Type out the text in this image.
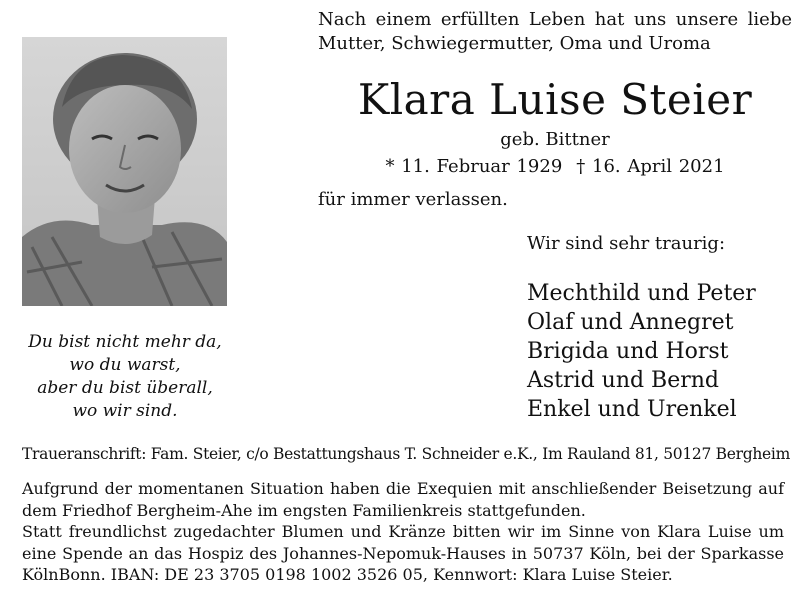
Nach einem erfüllten Leben hat uns unsere liebe Mutter, Schwiegermutter, Oma und Uroma
Klara Luise Steier
geb. Bittner
* 11. Februar 1929 † 16. April 2021
für immer verlassen.
Wir sind sehr traurig:
Mechthild und Peter
Olaf und Annegret
Brigida und Horst
Astrid und Bernd
Enkel und Urenkel
Du bist nicht mehr da,
wo du warst,
aber du bist überall,
wo wir sind.
Traueranschrift: Fam. Steier, c/o Bestattungshaus T. Schneider e.K., Im Rauland 81, 50127 Bergheim

Aufgrund der momentanen Situation haben die Exequien mit anschließender Beisetzung auf dem Friedhof Bergheim-Ahe im engsten Familienkreis stattgefunden.

Statt freundlichst zugedachter Blumen und Kränze bitten wir im Sinne von Klara Luise um eine Spende an das Hospiz des Johannes-Nepomuk-Hauses in 50737 Köln, bei der Sparkasse KölnBonn. IBAN: DE 23 3705 0198 1002 3526 05, Kennwort: Klara Luise Steier.
